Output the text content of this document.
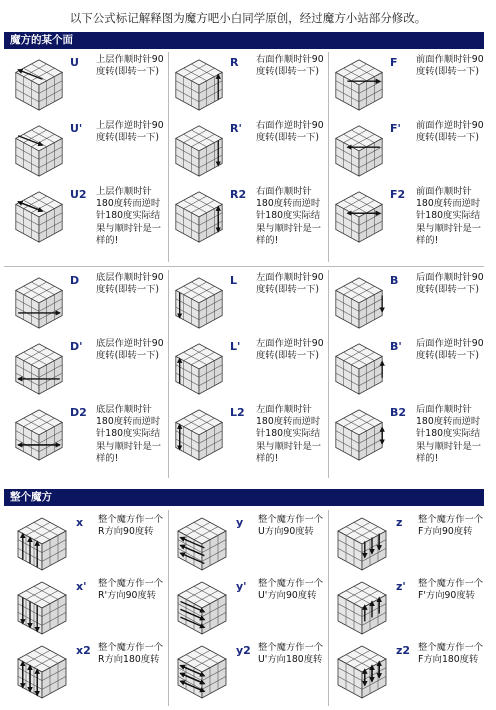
以下公式标记解释图为魔方吧小白同学原创，经过魔方小站部分修改。
魔方的某个面
整个魔方
U 上层作顺时针90度转(即转一下)
U' 上层作逆时针90度转(即转一下)
U2 上层作顺时针180度转而逆时针180度实际结果与顺时针是一样的!
R 右面作顺时针90度转(即转一下)
R' 右面作逆时针90度转(即转一下)
R2 右面作顺时针180度转而逆时针180度实际结果与顺时针是一样的!
F 前面作顺时针90度转(即转一下)
F' 前面作逆时针90度转(即转一下)
F2 前面作顺时针180度转而逆时针180度实际结果与顺时针是一样的!
D 底层作顺时针90度转(即转一下)
D' 底层作逆时针90度转(即转一下)
D2 底层作顺时针180度转而逆时针180度实际结果与顺时针是一样的!
L 左面作顺时针90度转(即转一下)
L' 左面作逆时针90度转(即转一下)
L2 左面作顺时针180度转而逆时针180度实际结果与顺时针是一样的!
B 后面作顺时针90度转(即转一下)
B' 后面作逆时针90度转(即转一下)
B2 后面作顺时针180度转而逆时针180度实际结果与顺时针是一样的!
x 整个魔方作一个R方向90度转
x' 整个魔方作一个R'方向90度转
x2 整个魔方作一个R方向180度转
y 整个魔方作一个U方向90度转
y' 整个魔方作一个U'方向90度转
y2 整个魔方作一个U'方向180度转
z 整个魔方作一个F方向90度转
z' 整个魔方作一个F'方向90度转
z2 整个魔方作一个F方向180度转
